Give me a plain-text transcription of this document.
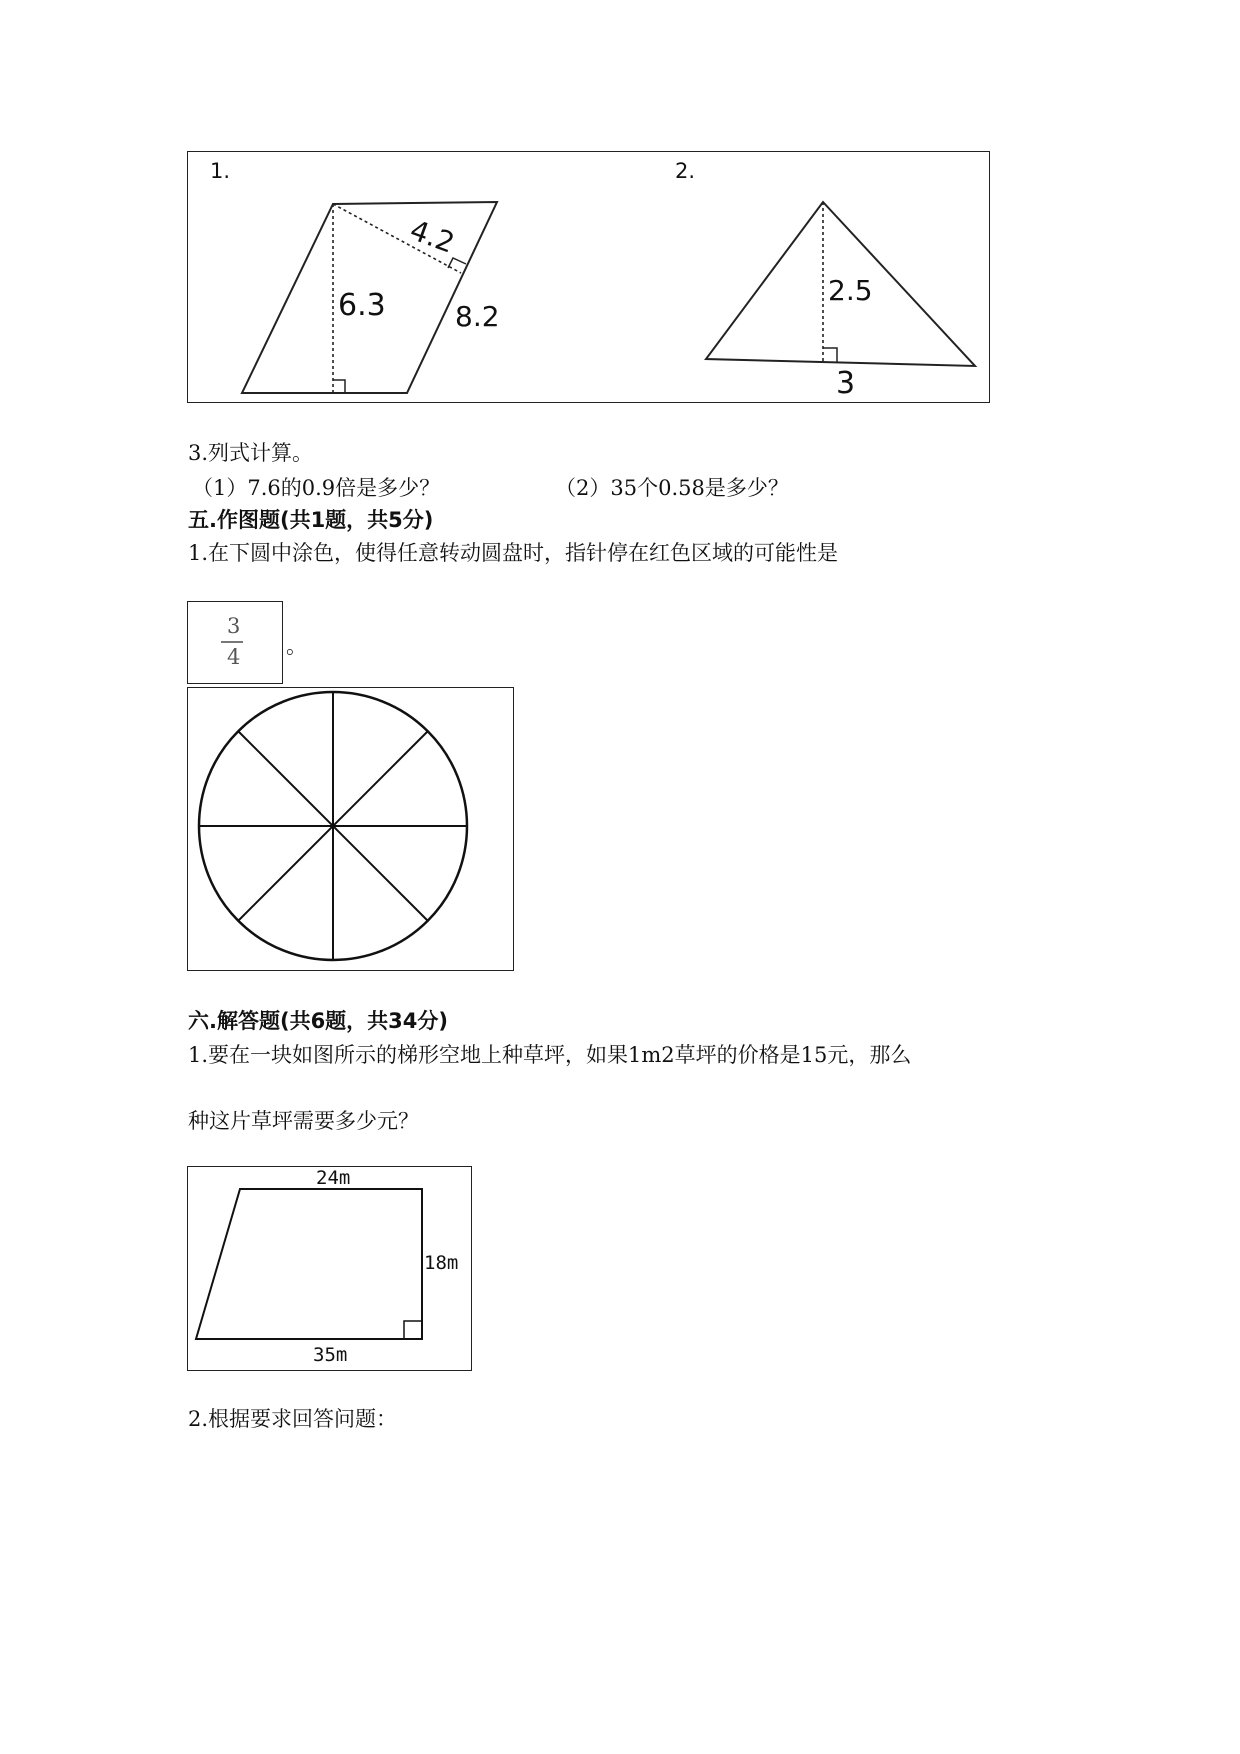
1.	2.
4.2
6.3 8.2
2.5
3
3.列式计算。
（1）7.6的0.9倍是多少？	（2）35个0.58是多少？
五.作图题(共1题，共5分)
1.在下圆中涂色，使得任意转动圆盘时，指针停在红色区域的可能性是
3
4 。
六.解答题(共6题，共34分)
1.要在一块如图所示的梯形空地上种草坪，如果1m2草坪的价格是15元，那么
种这片草坪需要多少元？
24m
18m
35m
2.根据要求回答问题：
